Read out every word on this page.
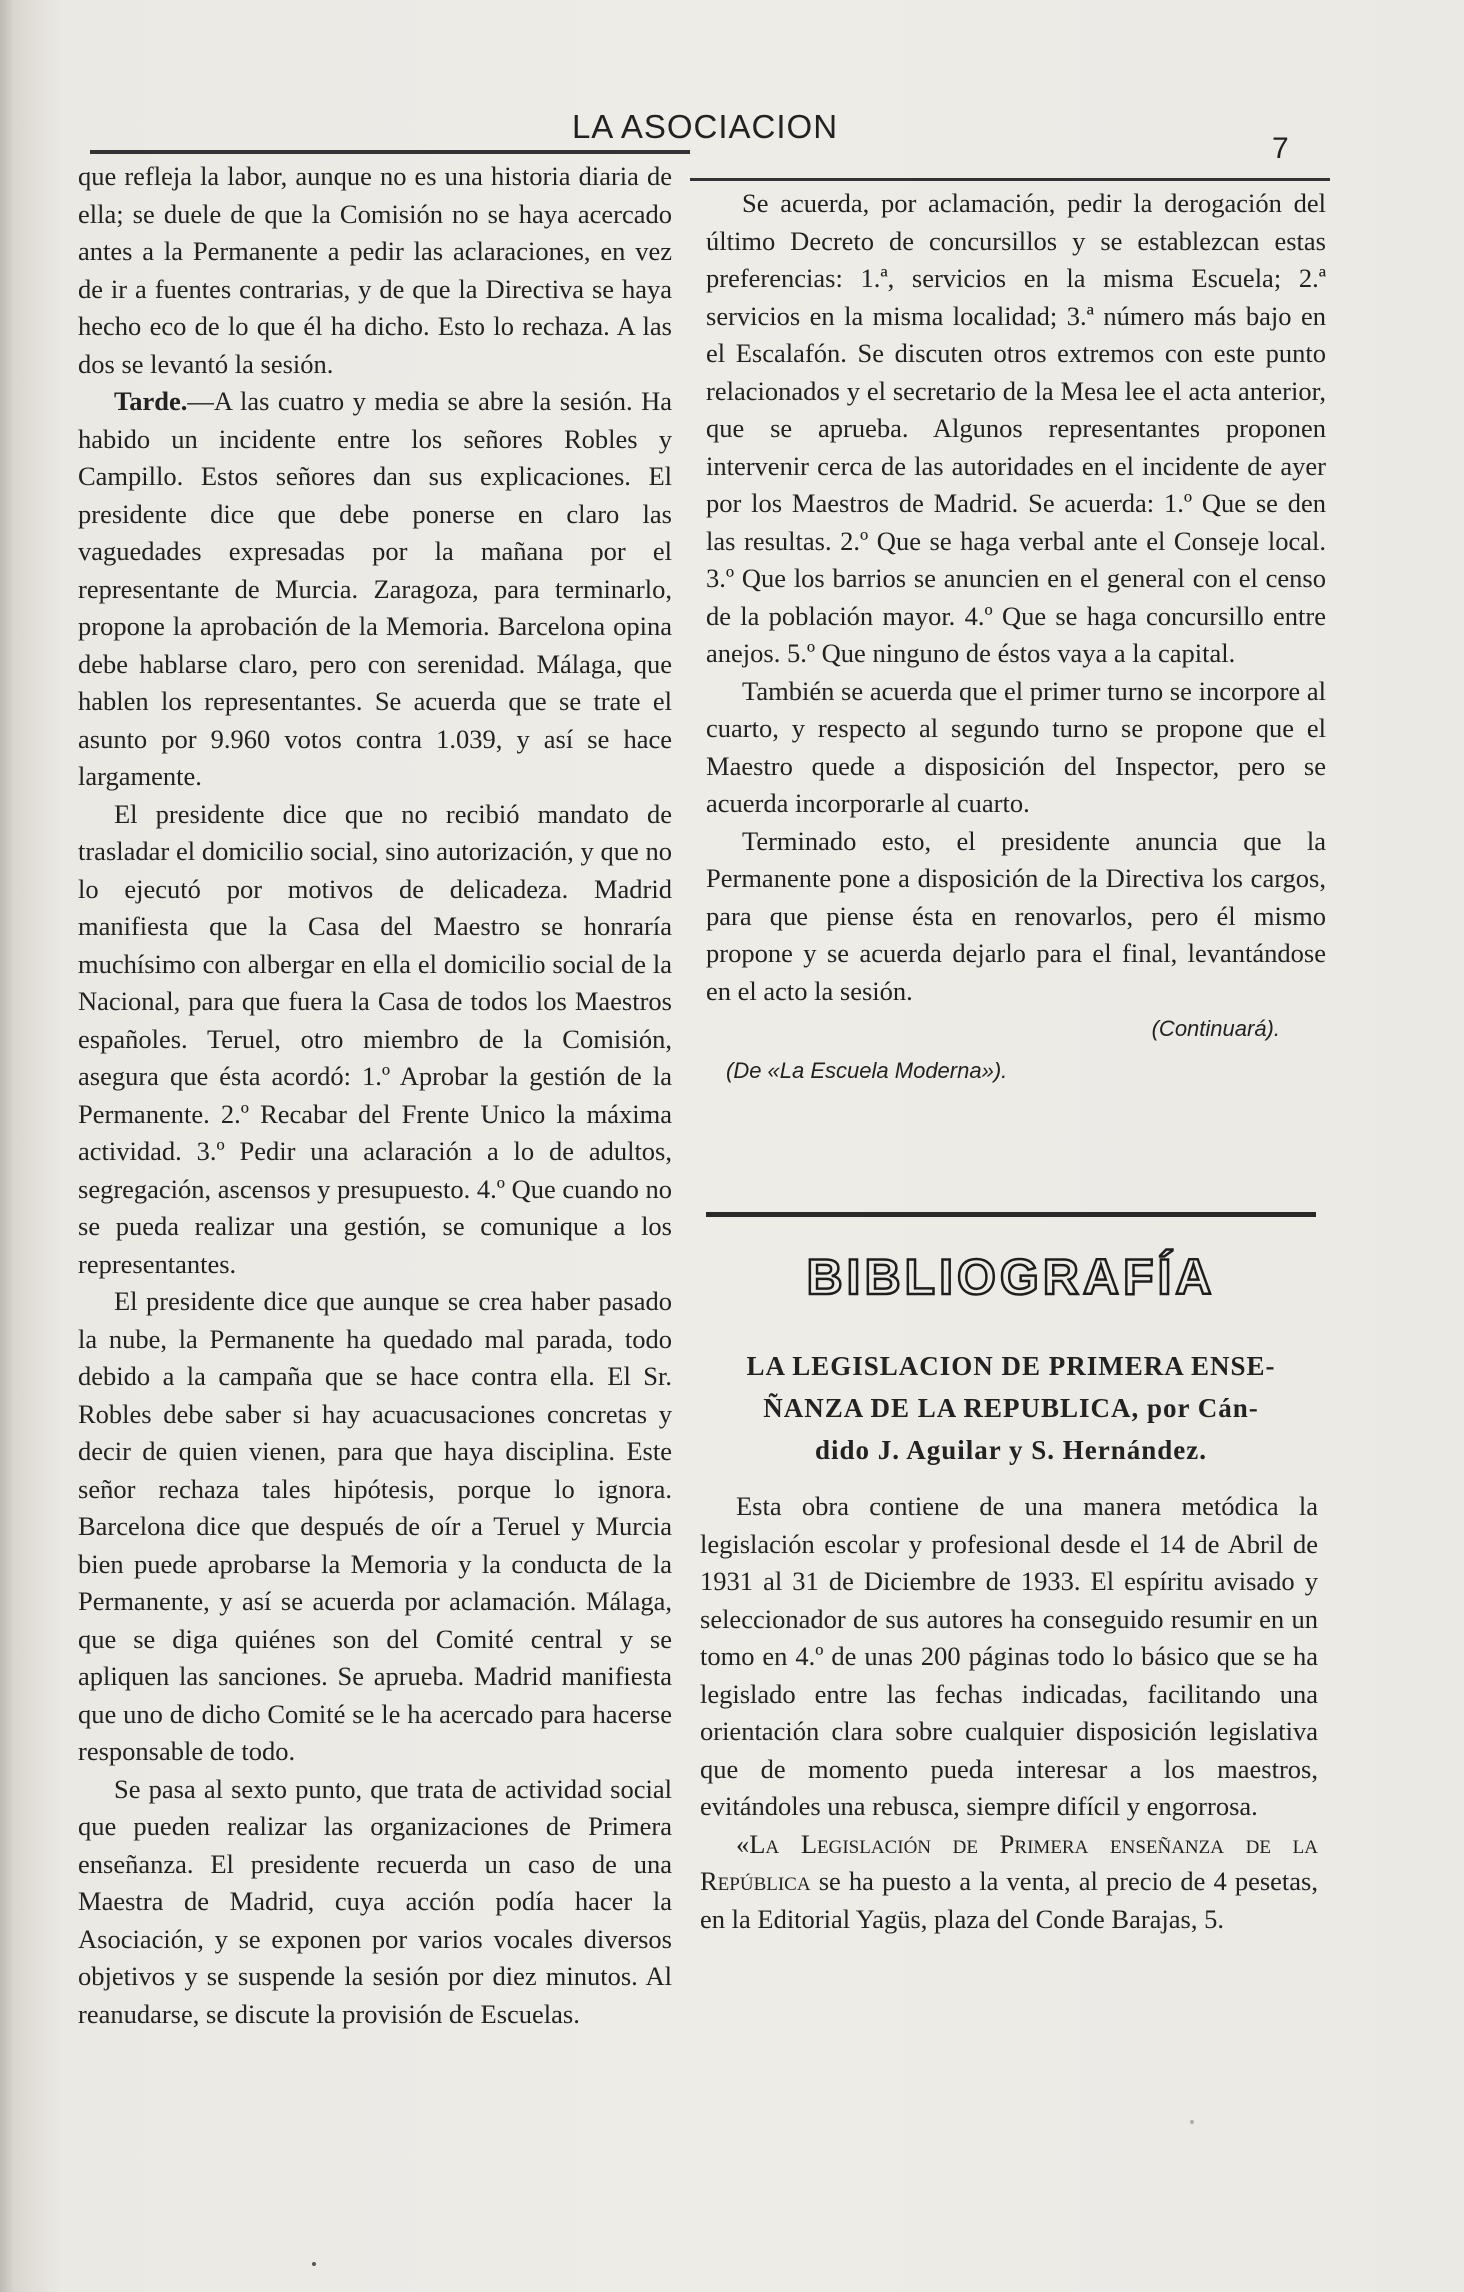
LA ASOCIACION
7

que refleja la labor, aunque no es una historia diaria de ella; se duele de que la Comisión no se haya acercado antes a la Permanente a pedir las aclaraciones, en vez de ir a fuentes contrarias, y de que la Directiva se haya hecho eco de lo que él ha dicho. Esto lo rechaza. A las dos se levantó la sesión.

Tarde.—A las cuatro y media se abre la sesión. Ha habido un incidente entre los señores Robles y Campillo. Estos señores dan sus explicaciones. El presidente dice que debe ponerse en claro las vaguedades expresadas por la mañana por el representante de Murcia. Zaragoza, para terminarlo, propone la aprobación de la Memoria. Barcelona opina debe hablarse claro, pero con serenidad. Málaga, que hablen los representantes. Se acuerda que se trate el asunto por 9.960 votos contra 1.039, y así se hace largamente.

El presidente dice que no recibió mandato de trasladar el domicilio social, sino autorización, y que no lo ejecutó por motivos de delicadeza. Madrid manifiesta que la Casa del Maestro se honraría muchísimo con albergar en ella el domicilio social de la Nacional, para que fuera la Casa de todos los Maestros españoles. Teruel, otro miembro de la Comisión, asegura que ésta acordó: 1.º Aprobar la gestión de la Permanente. 2.º Recabar del Frente Unico la máxima actividad. 3.º Pedir una aclaración a lo de adultos, segregación, ascensos y presupuesto. 4.º Que cuando no se pueda realizar una gestión, se comunique a los representantes.

El presidente dice que aunque se crea haber pasado la nube, la Permanente ha quedado mal parada, todo debido a la campaña que se hace contra ella. El Sr. Robles debe saber si hay acuacusaciones concretas y decir de quien vienen, para que haya disciplina. Este señor rechaza tales hipótesis, porque lo ignora. Barcelona dice que después de oír a Teruel y Murcia bien puede aprobarse la Memoria y la conducta de la Permanente, y así se acuerda por aclamación. Málaga, que se diga quiénes son del Comité central y se apliquen las sanciones. Se aprueba. Madrid manifiesta que uno de dicho Comité se le ha acercado para hacerse responsable de todo.

Se pasa al sexto punto, que trata de actividad social que pueden realizar las organizaciones de Primera enseñanza. El presidente recuerda un caso de una Maestra de Madrid, cuya acción podía hacer la Asociación, y se exponen por varios vocales diversos objetivos y se suspende la sesión por diez minutos. Al reanudarse, se discute la provisión de Escuelas.

Se acuerda, por aclamación, pedir la derogación del último Decreto de concursillos y se establezcan estas preferencias: 1.ª, servicios en la misma Escuela; 2.ª servicios en la misma localidad; 3.ª número más bajo en el Escalafón. Se discuten otros extremos con este punto relacionados y el secretario de la Mesa lee el acta anterior, que se aprueba. Algunos representantes proponen intervenir cerca de las autoridades en el incidente de ayer por los Maestros de Madrid. Se acuerda: 1.º Que se den las resultas. 2.º Que se haga verbal ante el Conseje local. 3.º Que los barrios se anuncien en el general con el censo de la población mayor. 4.º Que se haga concursillo entre anejos. 5.º Que ninguno de éstos vaya a la capital.

También se acuerda que el primer turno se incorpore al cuarto, y respecto al segundo turno se propone que el Maestro quede a disposición del Inspector, pero se acuerda incorporarle al cuarto.

Terminado esto, el presidente anuncia que la Permanente pone a disposición de la Directiva los cargos, para que piense ésta en renovarlos, pero él mismo propone y se acuerda dejarlo para el final, levantándose en el acto la sesión.

(Continuará).

(De «La Escuela Moderna»).

BIBLIOGRAFÍA
LA LEGISLACION DE PRIMERA ENSE-
ÑANZA DE LA REPUBLICA, por Cán-
dido J. Aguilar y S. Hernández.

Esta obra contiene de una manera metódica la legislación escolar y profesional desde el 14 de Abril de 1931 al 31 de Diciembre de 1933. El espíritu avisado y seleccionador de sus autores ha conseguido resumir en un tomo en 4.º de unas 200 páginas todo lo básico que se ha legislado entre las fechas indicadas, facilitando una orientación clara sobre cualquier disposición legislativa que de momento pueda interesar a los maestros, evitándoles una rebusca, siempre difícil y engorrosa.

«La Legislación de Primera enseñanza de la República se ha puesto a la venta, al precio de 4 pesetas, en la Editorial Yagüs, plaza del Conde Barajas, 5.
